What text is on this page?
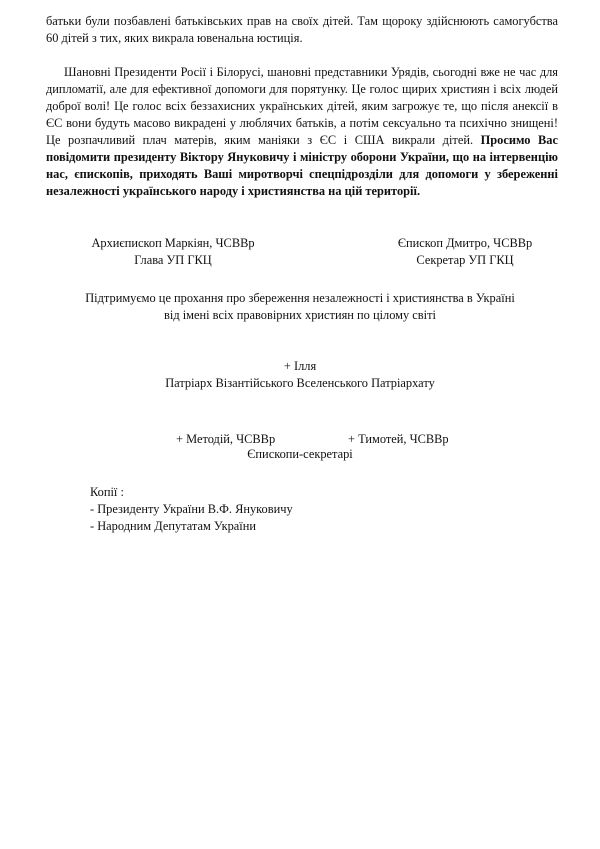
батьки були позбавлені батьківських прав на своїх дітей. Там щороку здійснюють самогубства 60 дітей з тих, яких викрала ювенальна юстиція.

Шановні Президенти Росії і Білорусі, шановні представники Урядів, сьогодні вже не час для дипломатії, але для ефективної допомоги для порятунку. Це голос щирих християн і всіх людей доброї волі! Це голос всіх беззахисних українських дітей, яким загрожує те, що після анексії в ЄС вони будуть масово викрадені у люблячих батьків, а потім сексуально та психічно знищені! Це розпачливий плач матерів, яким маніяки з ЄС і США викрали дітей. Просимо Вас повідомити президенту Віктору Януковичу і міністру оборони України, що на інтервенцію нас, єпископів, приходять Ваші миротворчі спецпідрозділи для допомоги у збереженні незалежності українського народу і християнства на цій території.

Архиєпископ Маркіян, ЧСВВр
Глава УП ГКЦ
Єпископ Дмитро, ЧСВВр
Секретар УП ГКЦ
Підтримуємо це прохання про збереження незалежності і християнства в Україні
від імені всіх правовірних християн по цілому світі
+ Ілля
Патріарх Візантійського Вселенського Патріархату
+ Методій, ЧСВВр	+ Тимотей, ЧСВВр
Єпископи-секретарі
Копії :
- Президенту України В.Ф. Януковичу
- Народним Депутатам України
